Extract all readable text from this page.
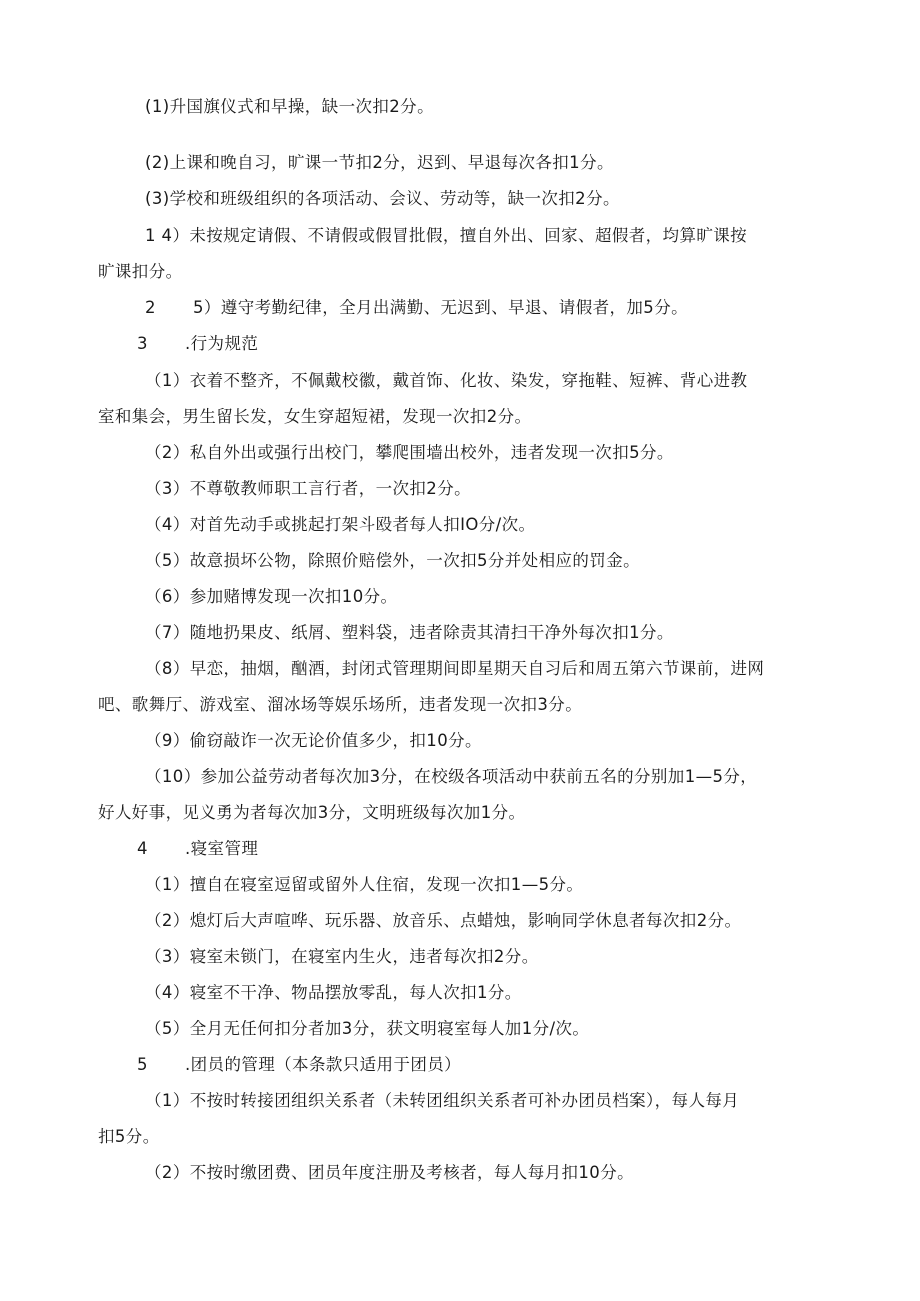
(1)升国旗仪式和早操，缺一次扣2分。
(2)上课和晚自习，旷课一节扣2分，迟到、早退每次各扣1分。
(3)学校和班级组织的各项活动、会议、劳动等，缺一次扣2分。
1 4）未按规定请假、不请假或假冒批假，擅自外出、回家、超假者，均算旷课按
旷课扣分。
2 5）遵守考勤纪律，全月出满勤、无迟到、早退、请假者，加5分。
3 .行为规范
（1）衣着不整齐，不佩戴校徽，戴首饰、化妆、染发，穿拖鞋、短裤、背心进教
室和集会，男生留长发，女生穿超短裙，发现一次扣2分。
（2）私自外出或强行出校门，攀爬围墙出校外，违者发现一次扣5分。
（3）不尊敬教师职工言行者，一次扣2分。
（4）对首先动手或挑起打架斗殴者每人扣IO分/次。
（5）故意损坏公物，除照价赔偿外，一次扣5分并处相应的罚金。
（6）参加赌博发现一次扣10分。
（7）随地扔果皮、纸屑、塑料袋，违者除责其清扫干净外每次扣1分。
（8）早恋，抽烟，酗酒，封闭式管理期间即星期天自习后和周五第六节课前，进网
吧、歌舞厅、游戏室、溜冰场等娱乐场所，违者发现一次扣3分。
（9）偷窃敲诈一次无论价值多少，扣10分。
（10）参加公益劳动者每次加3分，在校级各项活动中获前五名的分别加1—5分，
好人好事，见义勇为者每次加3分，文明班级每次加1分。
4 .寝室管理
（1）擅自在寝室逗留或留外人住宿，发现一次扣1—5分。
（2）熄灯后大声喧哗、玩乐器、放音乐、点蜡烛，影响同学休息者每次扣2分。
（3）寝室未锁门，在寝室内生火，违者每次扣2分。
（4）寝室不干净、物品摆放零乱，每人次扣1分。
（5）全月无任何扣分者加3分，获文明寝室每人加1分/次。
5 .团员的管理（本条款只适用于团员）
（1）不按时转接团组织关系者（未转团组织关系者可补办团员档案），每人每月
扣5分。
（2）不按时缴团费、团员年度注册及考核者，每人每月扣10分。
